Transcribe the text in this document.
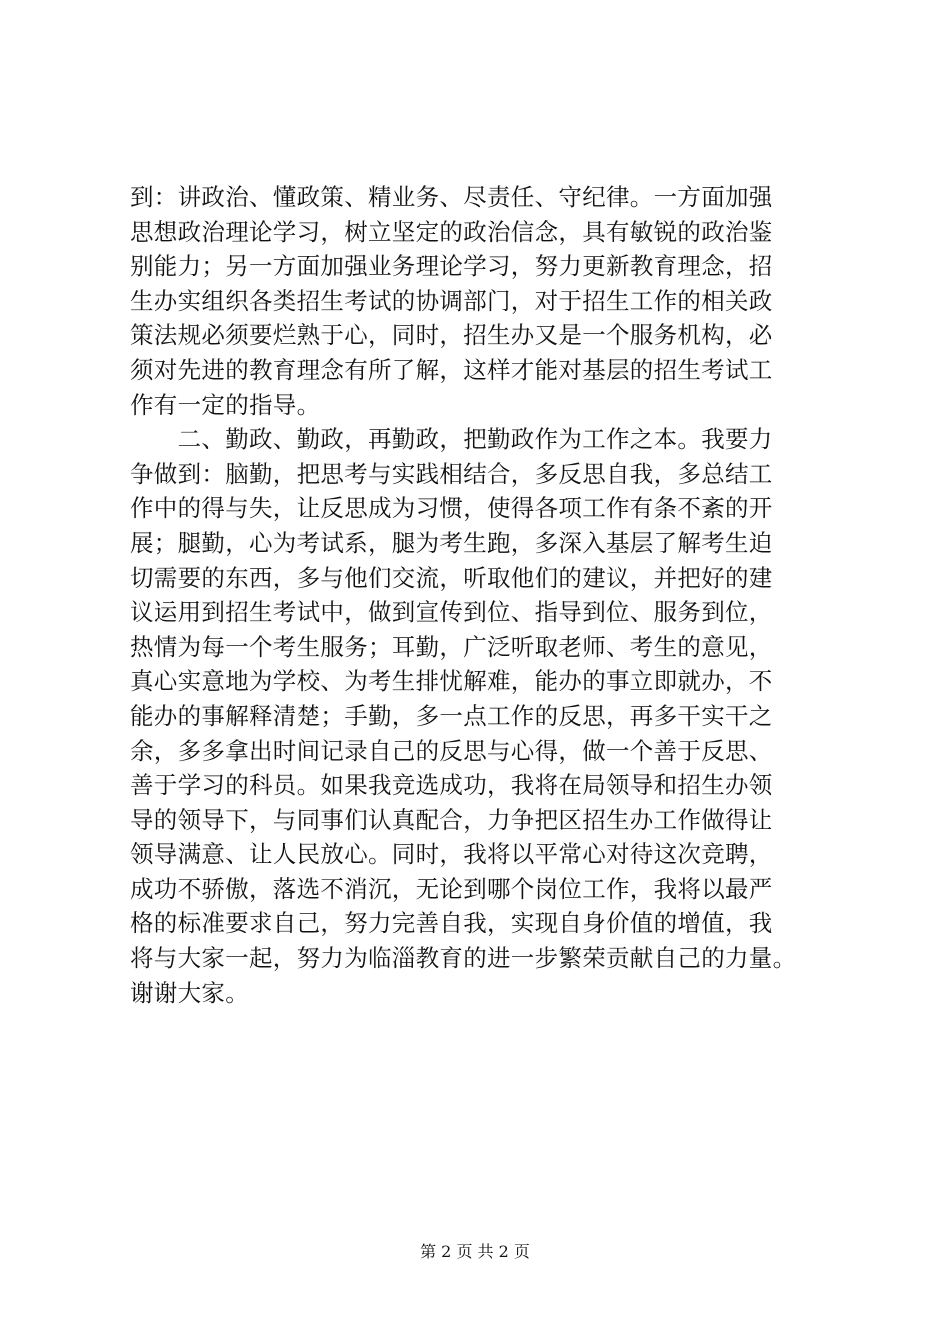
到：讲政治、懂政策、精业务、尽责任、守纪律。一方面加强
思想政治理论学习，树立坚定的政治信念，具有敏锐的政治鉴
别能力；另一方面加强业务理论学习，努力更新教育理念，招
生办实组织各类招生考试的协调部门，对于招生工作的相关政
策法规必须要烂熟于心，同时，招生办又是一个服务机构，必
须对先进的教育理念有所了解，这样才能对基层的招生考试工
作有一定的指导。
　　二、勤政、勤政，再勤政，把勤政作为工作之本。我要力
争做到：脑勤，把思考与实践相结合，多反思自我，多总结工
作中的得与失，让反思成为习惯，使得各项工作有条不紊的开
展；腿勤，心为考试系，腿为考生跑，多深入基层了解考生迫
切需要的东西，多与他们交流，听取他们的建议，并把好的建
议运用到招生考试中，做到宣传到位、指导到位、服务到位，
热情为每一个考生服务；耳勤，广泛听取老师、考生的意见，
真心实意地为学校、为考生排忧解难，能办的事立即就办，不
能办的事解释清楚；手勤，多一点工作的反思，再多干实干之
余，多多拿出时间记录自己的反思与心得，做一个善于反思、
善于学习的科员。如果我竞选成功，我将在局领导和招生办领
导的领导下，与同事们认真配合，力争把区招生办工作做得让
领导满意、让人民放心。同时，我将以平常心对待这次竞聘，
成功不骄傲，落选不消沉，无论到哪个岗位工作，我将以最严
格的标准要求自己，努力完善自我，实现自身价值的增值，我
将与大家一起，努力为临淄教育的进一步繁荣贡献自己的力量。
谢谢大家。
第 2 页 共 2 页
